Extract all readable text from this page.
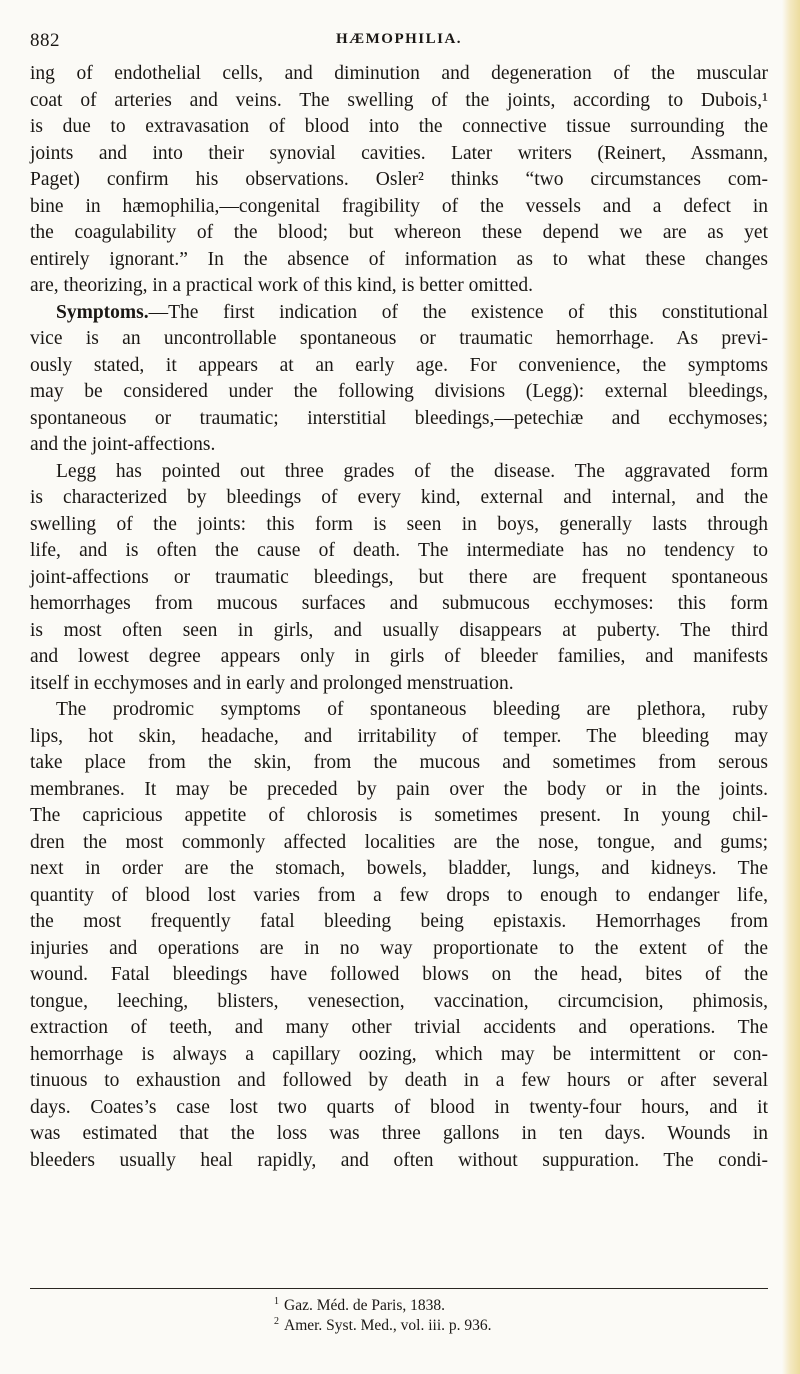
882	HÆMOPHILIA.
ing of endothelial cells, and diminution and degeneration of the muscular
coat of arteries and veins. The swelling of the joints, according to Dubois,¹
is due to extravasation of blood into the connective tissue surrounding the
joints and into their synovial cavities. Later writers (Reinert, Assmann,
Paget) confirm his observations. Osler² thinks “two circumstances com-
bine in hæmophilia,—congenital fragibility of the vessels and a defect in
the coagulability of the blood; but whereon these depend we are as yet
entirely ignorant.” In the absence of information as to what these changes
are, theorizing, in a practical work of this kind, is better omitted.
Symptoms.—The first indication of the existence of this constitutional
vice is an uncontrollable spontaneous or traumatic hemorrhage. As previ-
ously stated, it appears at an early age. For convenience, the symptoms
may be considered under the following divisions (Legg): external bleedings,
spontaneous or traumatic; interstitial bleedings,—petechiæ and ecchymoses;
and the joint-affections.
Legg has pointed out three grades of the disease. The aggravated form
is characterized by bleedings of every kind, external and internal, and the
swelling of the joints: this form is seen in boys, generally lasts through
life, and is often the cause of death. The intermediate has no tendency to
joint-affections or traumatic bleedings, but there are frequent spontaneous
hemorrhages from mucous surfaces and submucous ecchymoses: this form
is most often seen in girls, and usually disappears at puberty. The third
and lowest degree appears only in girls of bleeder families, and manifests
itself in ecchymoses and in early and prolonged menstruation.
The prodromic symptoms of spontaneous bleeding are plethora, ruby
lips, hot skin, headache, and irritability of temper. The bleeding may
take place from the skin, from the mucous and sometimes from serous
membranes. It may be preceded by pain over the body or in the joints.
The capricious appetite of chlorosis is sometimes present. In young chil-
dren the most commonly affected localities are the nose, tongue, and gums;
next in order are the stomach, bowels, bladder, lungs, and kidneys. The
quantity of blood lost varies from a few drops to enough to endanger life,
the most frequently fatal bleeding being epistaxis. Hemorrhages from
injuries and operations are in no way proportionate to the extent of the
wound. Fatal bleedings have followed blows on the head, bites of the
tongue, leeching, blisters, venesection, vaccination, circumcision, phimosis,
extraction of teeth, and many other trivial accidents and operations. The
hemorrhage is always a capillary oozing, which may be intermittent or con-
tinuous to exhaustion and followed by death in a few hours or after several
days. Coates’s case lost two quarts of blood in twenty-four hours, and it
was estimated that the loss was three gallons in ten days. Wounds in
bleeders usually heal rapidly, and often without suppuration. The condi-
$^1$ Gaz. Méd. de Paris, 1838.
$^2$ Amer. Syst. Med., vol. iii. p. 936.
